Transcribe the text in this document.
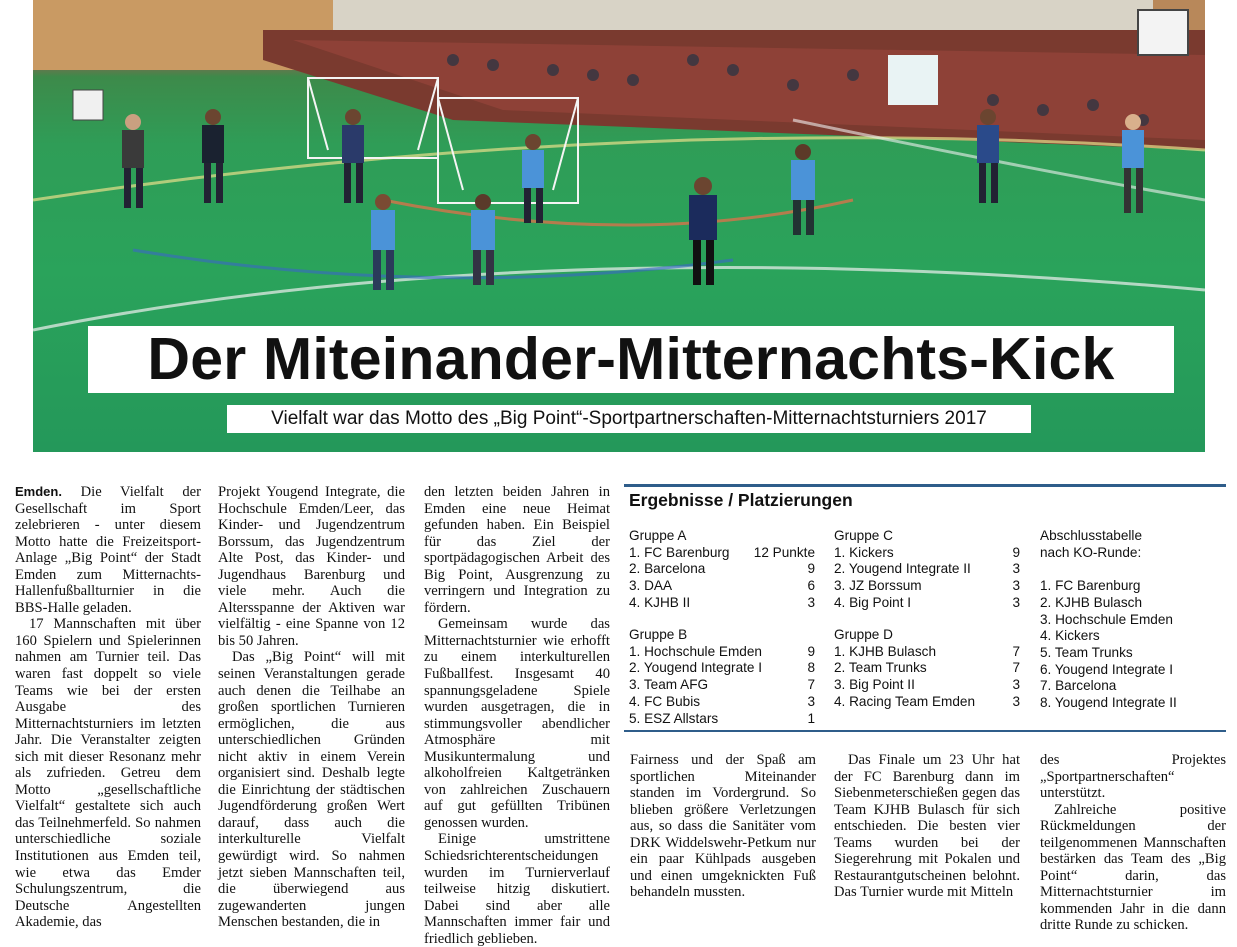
Der Miteinander-Mitternachts-Kick
Vielfalt war das Motto des „Big Point“-Sportpartnerschaften-Mitternachtsturniers 2017

Emden. Die Vielfalt der Gesellschaft im Sport zelebrieren - unter diesem Motto hatte die Freizeitsport-Anlage „Big Point“ der Stadt Emden zum Mitternachts-Hallenfußballturnier in die BBS-Halle geladen.

17 Mannschaften mit über 160 Spielern und Spielerinnen nahmen am Turnier teil. Das waren fast doppelt so viele Teams wie bei der ersten Ausgabe des Mitternachtsturniers im letzten Jahr. Die Veranstalter zeigten sich mit dieser Resonanz mehr als zufrieden. Getreu dem Motto „gesellschaftliche Vielfalt“ gestaltete sich auch das Teilnehmerfeld. So nahmen unterschiedliche soziale Institutionen aus Emden teil, wie etwa das Emder Schulungszentrum, die Deutsche Angestellten Akademie, das

Projekt Yougend Integrate, die Hochschule Emden/Leer, das Kinder- und Jugendzentrum Borssum, das Jugendzentrum Alte Post, das Kinder- und Jugendhaus Barenburg und viele mehr. Auch die Altersspanne der Aktiven war vielfältig - eine Spanne von 12 bis 50 Jahren.

Das „Big Point“ will mit seinen Veranstaltungen gerade auch denen die Teilhabe an großen sportlichen Turnieren ermöglichen, die aus unterschiedlichen Gründen nicht aktiv in einem Verein organisiert sind. Deshalb legte die Einrichtung der städtischen Jugendförderung großen Wert darauf, dass auch die interkulturelle Vielfalt gewürdigt wird. So nahmen jetzt sieben Mannschaften teil, die überwiegend aus zugewanderten jungen Menschen bestanden, die in

den letzten beiden Jahren in Emden eine neue Heimat gefunden haben. Ein Beispiel für das Ziel der sportpädagogischen Arbeit des Big Point, Ausgrenzung zu verringern und Integration zu fördern.

Gemeinsam wurde das Mitternachtsturnier wie erhofft zu einem interkulturellen Fußballfest. Insgesamt 40 spannungsgeladene Spiele wurden ausgetragen, die in stimmungsvoller abendlicher Atmosphäre mit Musikuntermalung und alkoholfreien Kaltgetränken von zahlreichen Zuschauern auf gut gefüllten Tribünen genossen wurden.

Einige umstrittene Schiedsrichterentscheidungen wurden im Turnierverlauf teilweise hitzig diskutiert. Dabei sind aber alle Mannschaften immer fair und friedlich geblieben.

Ergebnisse / Platzierungen
Gruppe A
1. FC Barenburg 12 Punkte
2. Barcelona	9
3. DAA	6
4. KJHB II	3
Gruppe C
1. Kickers	9
2. Yougend Integrate II	3
3. JZ Borssum	3
4. Big Point I	3
Gruppe B
1. Hochschule Emden	9
2. Yougend Integrate I	8
3. Team AFG	7
4. FC Bubis	3
5. ESZ Allstars	1
Gruppe D
1. KJHB Bulasch	7
2. Team Trunks	7
3. Big Point II	3
4. Racing Team Emden	3
Abschlusstabelle
nach KO-Runde:
1. FC Barenburg
2. KJHB Bulasch
3. Hochschule Emden
4. Kickers
5. Team Trunks
6. Yougend Integrate I
7. Barcelona
8. Yougend Integrate II

Fairness und der Spaß am sportlichen Miteinander standen im Vordergrund. So blieben größere Verletzungen aus, so dass die Sanitäter vom DRK Widdelswehr-Petkum nur ein paar Kühlpads ausgeben und einen umgeknickten Fuß behandeln mussten.

Das Finale um 23 Uhr hat der FC Barenburg dann im Siebenmeterschießen gegen das Team KJHB Bulasch für sich entschieden. Die besten vier Teams wurden bei der Siegerehrung mit Pokalen und Restaurantgutscheinen belohnt. Das Turnier wurde mit Mitteln

des Projektes „Sportpartnerschaften“ unterstützt.

Zahlreiche positive Rückmeldungen der teilgenommenen Mannschaften bestärken das Team des „Big Point“ darin, das Mitternachtsturnier im kommenden Jahr in die dann dritte Runde zu schicken.
